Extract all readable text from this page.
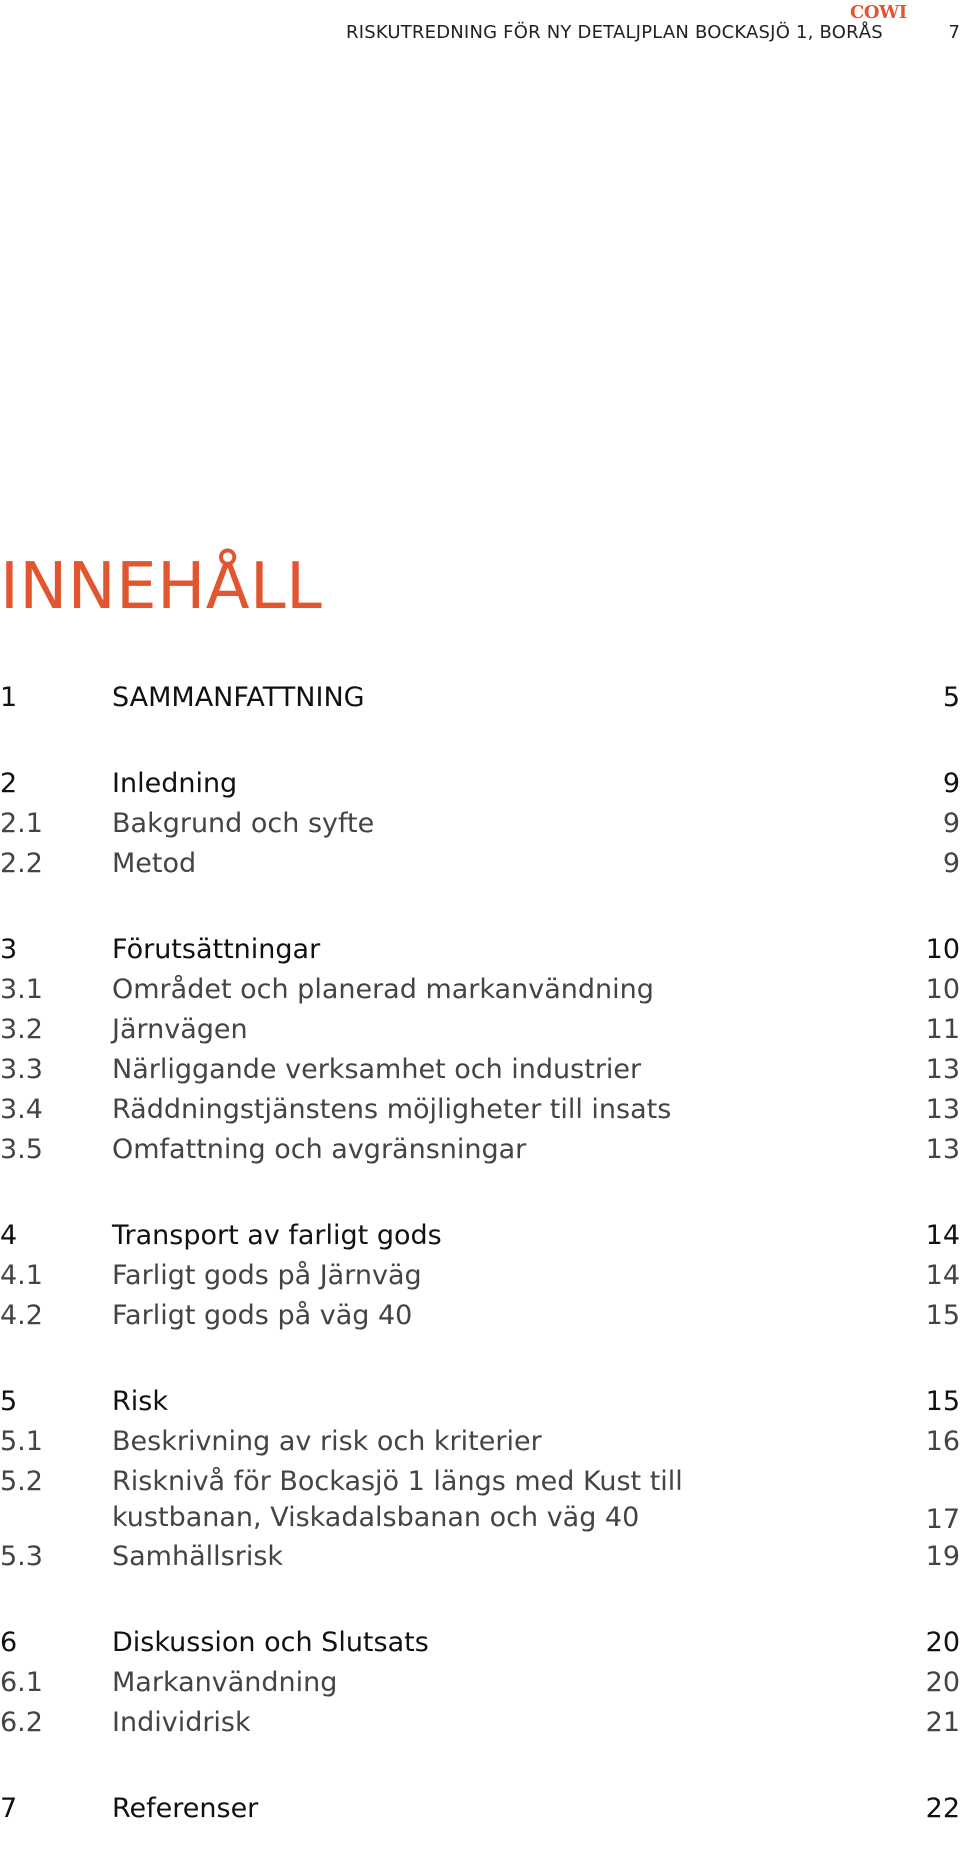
COWI
RISKUTREDNING FÖR NY DETALJPLAN BOCKASJÖ 1, BORÅS	7
INNEHÅLL
1	SAMMANFATTNING	5
2	Inledning	9
2.1	Bakgrund och syfte	9
2.2	Metod	9
3	Förutsättningar	10
3.1	Området och planerad markanvändning	10
3.2	Järnvägen	11
3.3	Närliggande verksamhet och industrier	13
3.4	Räddningstjänstens möjligheter till insats	13
3.5	Omfattning och avgränsningar	13
4	Transport av farligt gods	14
4.1	Farligt gods på Järnväg	14
4.2	Farligt gods på väg 40	15
5	Risk	15
5.1	Beskrivning av risk och kriterier	16
5.2	Risknivå för Bockasjö 1 längs med Kust till kustbanan, Viskadalsbanan och väg 40	17
5.3	Samhällsrisk	19
6	Diskussion och Slutsats	20
6.1	Markanvändning	20
6.2	Individrisk	21
7	Referenser	22
